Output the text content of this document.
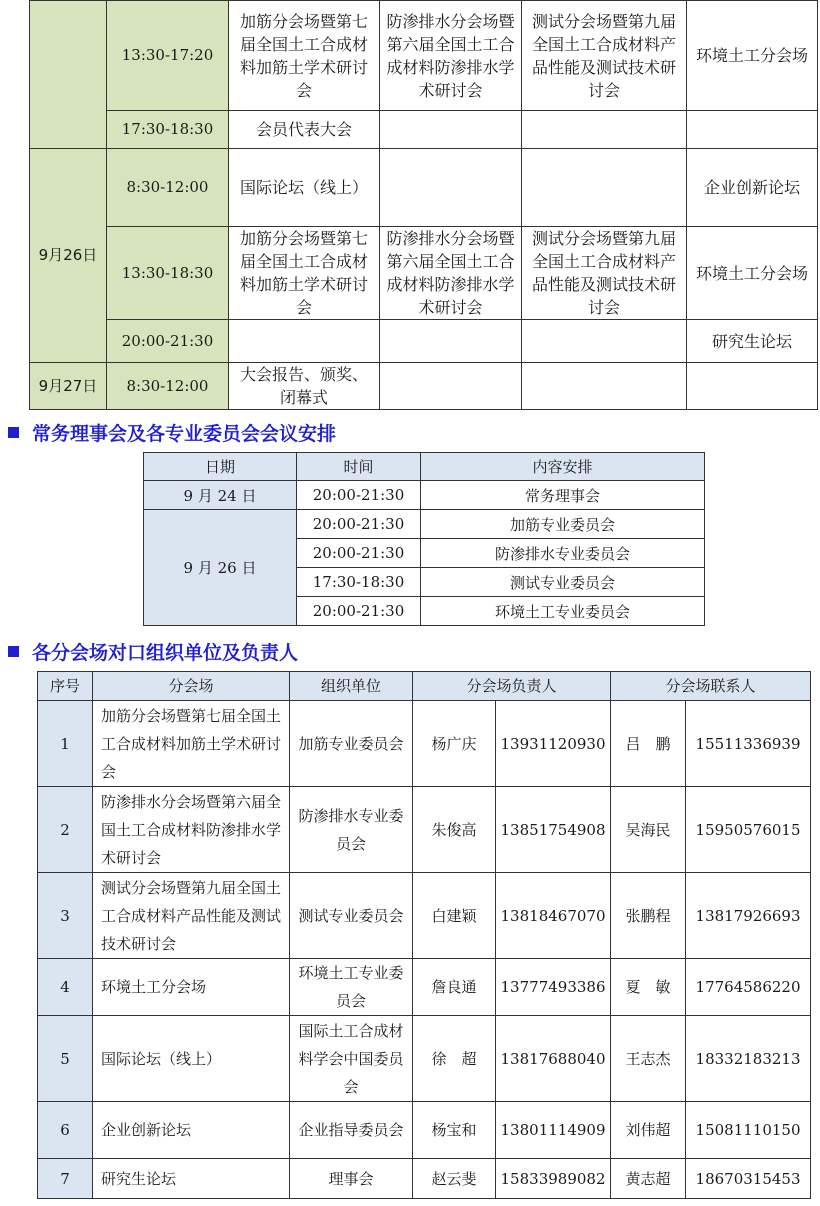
	13:30-17:20	加筋分会场暨第七届全国土工合成材料加筋土学术研讨会	防渗排水分会场暨第六届全国土工合成材料防渗排水学术研讨会	测试分会场暨第九届全国土工合成材料产品性能及测试技术研讨会	环境土工分会场
	17:30-18:30	会员代表大会			
9月26日	8:30-12:00	国际论坛（线上）			企业创新论坛
	13:30-18:30	加筋分会场暨第七届全国土工合成材料加筋土学术研讨会	防渗排水分会场暨第六届全国土工合成材料防渗排水学术研讨会	测试分会场暨第九届全国土工合成材料产品性能及测试技术研讨会	环境土工分会场
	20:00-21:30				研究生论坛
9月27日	8:30-12:00	大会报告、颁奖、闭幕式			
常务理事会及各专业委员会会议安排
日期	时间	内容安排
9 月 24 日	20:00-21:30	常务理事会
9 月 26 日	20:00-21:30	加筋专业委员会
	20:00-21:30	防渗排水专业委员会
	17:30-18:30	测试专业委员会
	20:00-21:30	环境土工专业委员会
各分会场对口组织单位及负责人
序号	分会场	组织单位	分会场负责人		分会场联系人	
1	加筋分会场暨第七届全国土工合成材料加筋土学术研讨会	加筋专业委员会	杨广庆	13931120930	吕　鹏	15511336939
2	防渗排水分会场暨第六届全国土工合成材料防渗排水学术研讨会	防渗排水专业委员会	朱俊高	13851754908	吴海民	15950576015
3	测试分会场暨第九届全国土工合成材料产品性能及测试技术研讨会	测试专业委员会	白建颖	13818467070	张鹏程	13817926693
4	环境土工分会场	环境土工专业委员会	詹良通	13777493386	夏　敏	17764586220
5	国际论坛（线上）	国际土工合成材料学会中国委员会	徐　超	13817688040	王志杰	18332183213
6	企业创新论坛	企业指导委员会	杨宝和	13801114909	刘伟超	15081110150
7	研究生论坛	理事会	赵云斐	15833989082	黄志超	18670315453
